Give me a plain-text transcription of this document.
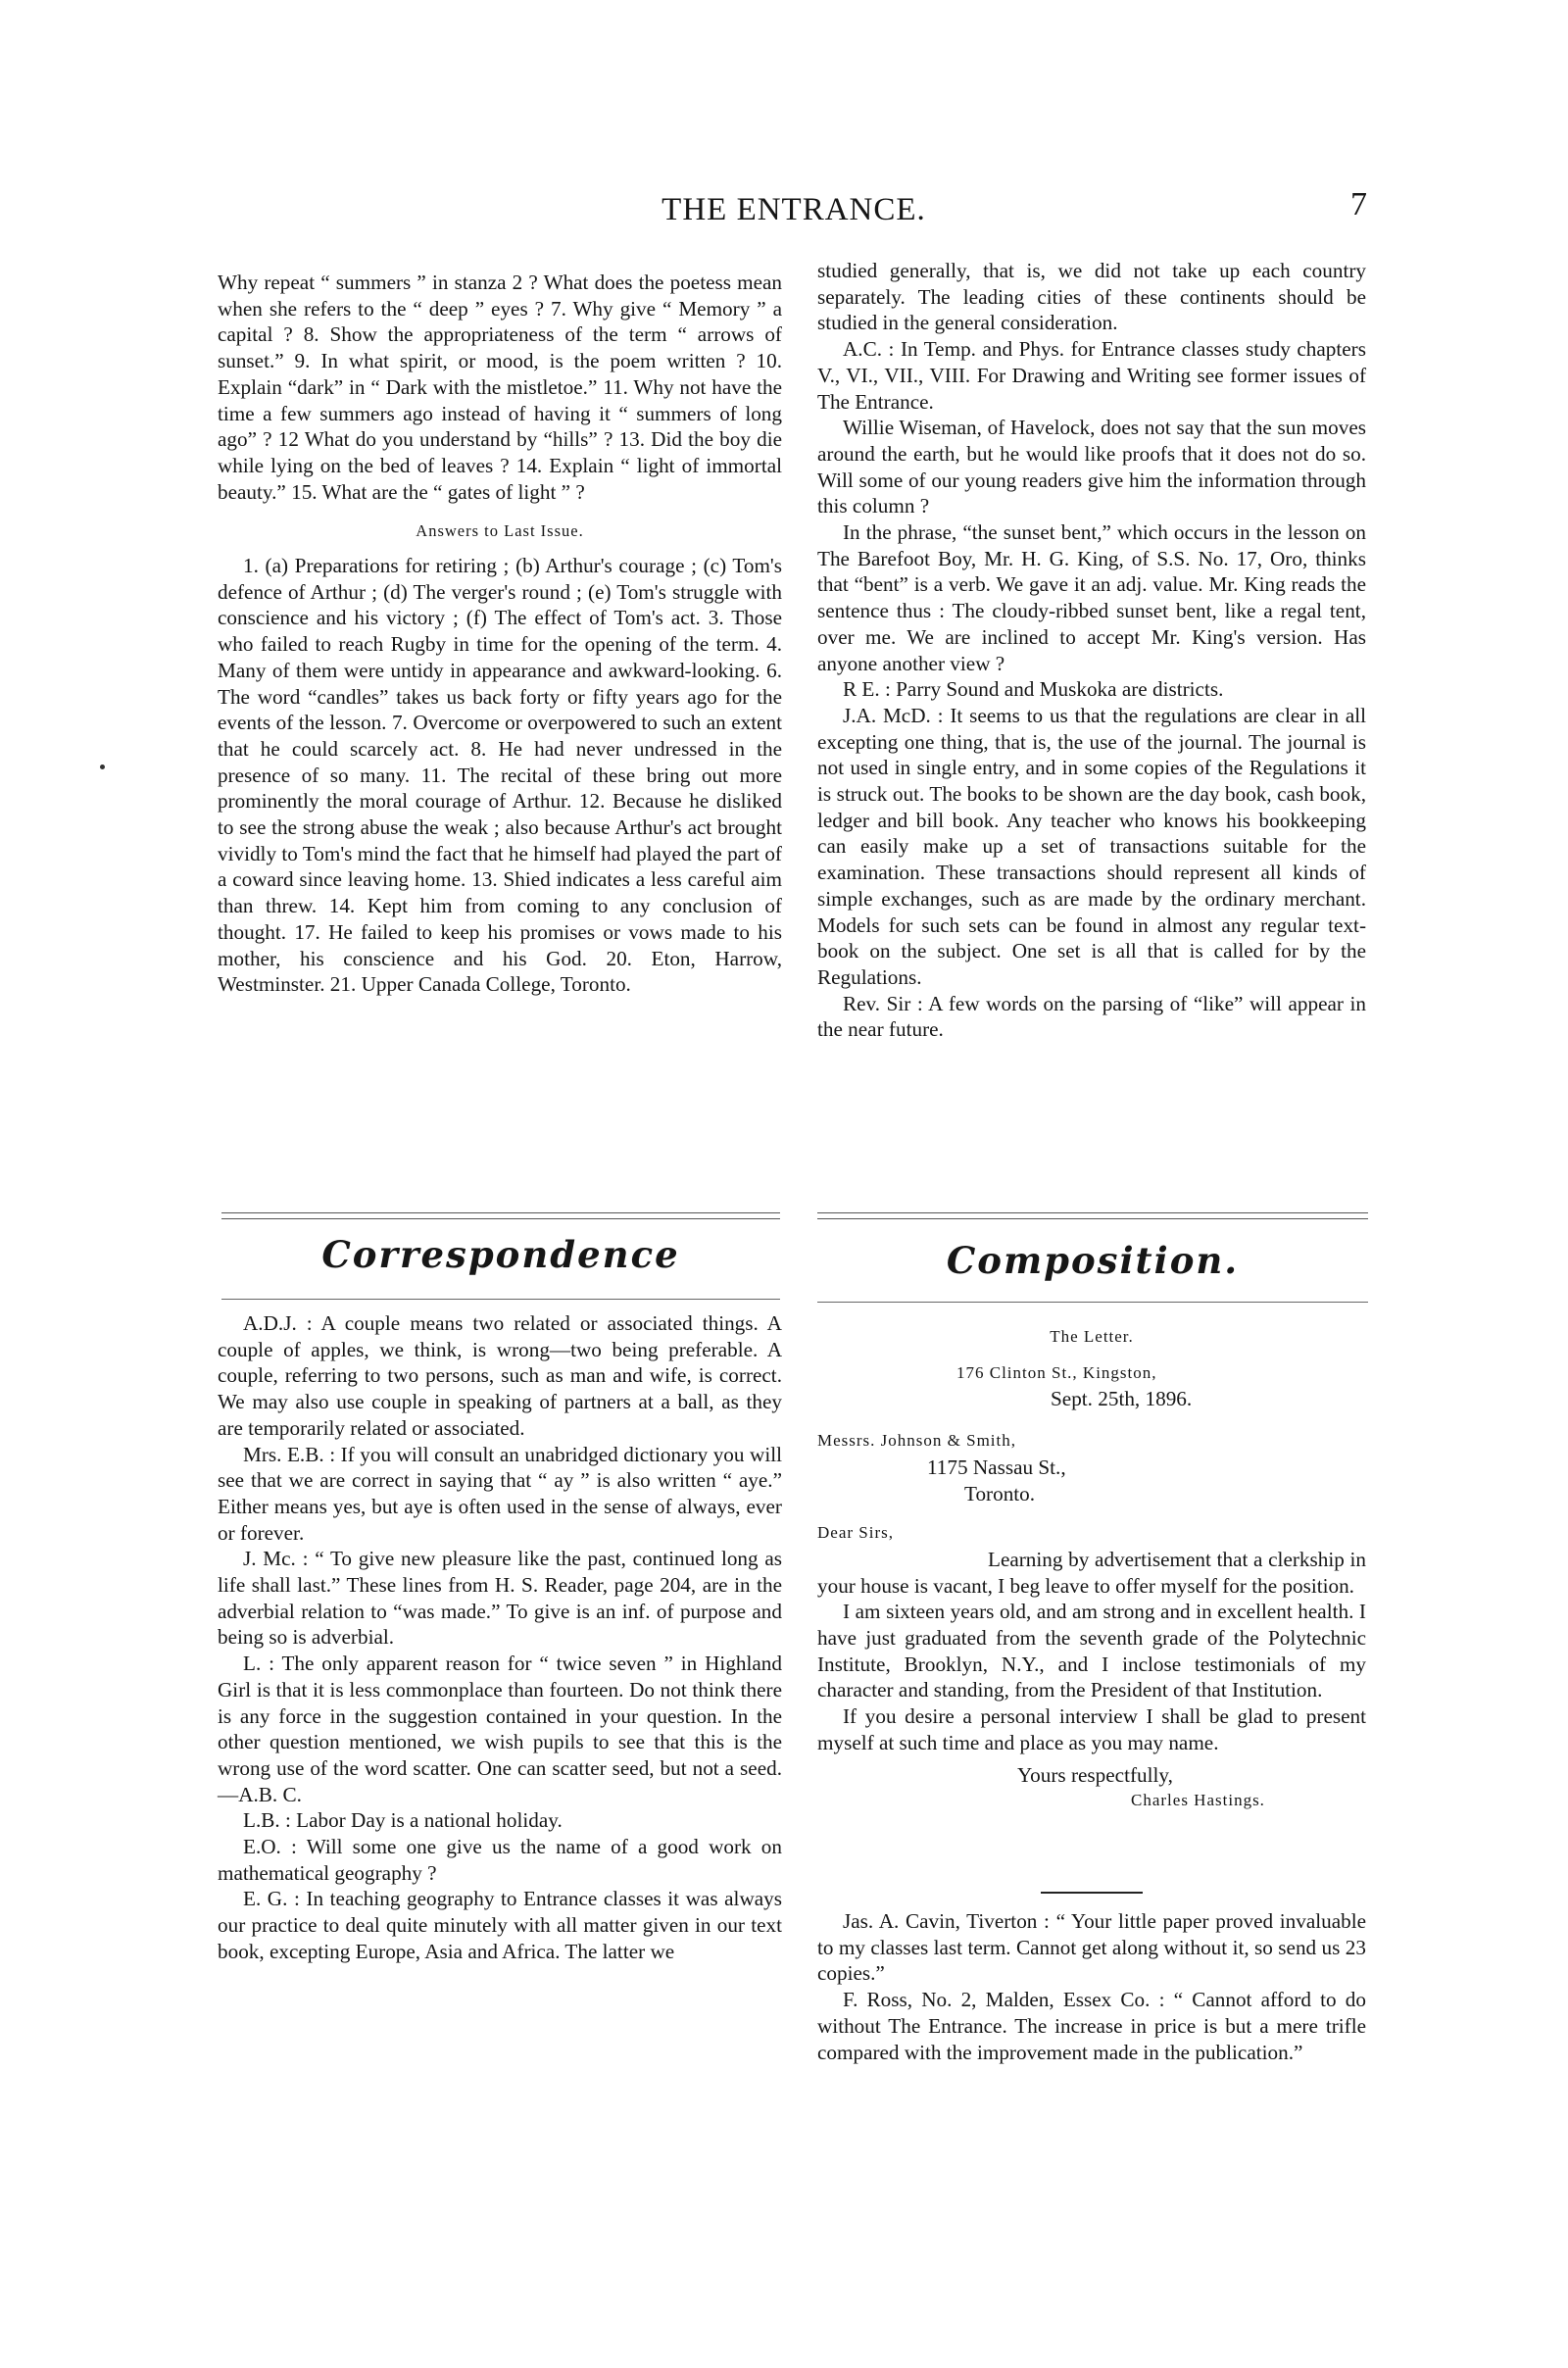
THE ENTRANCE.	7

Why repeat “ summers ” in stanza 2 ? What does the poetess mean when she refers to the “ deep ” eyes ? 7. Why give “ Memory ” a capital ? 8. Show the appropriateness of the term “ arrows of sunset.” 9. In what spirit, or mood, is the poem written ? 10. Explain “dark” in “ Dark with the mistletoe.” 11. Why not have the time a few summers ago instead of having it “ summers of long ago” ? 12 What do you understand by “hills” ? 13. Did the boy die while lying on the bed of leaves ? 14. Explain “ light of immortal beauty.” 15. What are the “ gates of light ” ?

Answers to Last Issue.

1. (a) Preparations for retiring ; (b) Arthur's courage ; (c) Tom's defence of Arthur ; (d) The verger's round ; (e) Tom's struggle with conscience and his victory ; (f) The effect of Tom's act. 3. Those who failed to reach Rugby in time for the opening of the term. 4. Many of them were untidy in appearance and awkward-looking. 6. The word “candles” takes us back forty or fifty years ago for the events of the lesson. 7. Overcome or overpowered to such an extent that he could scarcely act. 8. He had never undressed in the presence of so many. 11. The recital of these bring out more prominently the moral courage of Arthur. 12. Because he disliked to see the strong abuse the weak ; also because Arthur's act brought vividly to Tom's mind the fact that he himself had played the part of a coward since leaving home. 13. Shied indicates a less careful aim than threw. 14. Kept him from coming to any conclusion of thought. 17. He failed to keep his promises or vows made to his mother, his conscience and his God. 20. Eton, Harrow, Westminster. 21. Upper Canada College, Toronto.

studied generally, that is, we did not take up each country separately. The leading cities of these continents should be studied in the general consideration.

A.C. : In Temp. and Phys. for Entrance classes study chapters V., VI., VII., VIII. For Drawing and Writing see former issues of The Entrance.

Willie Wiseman, of Havelock, does not say that the sun moves around the earth, but he would like proofs that it does not do so. Will some of our young readers give him the information through this column ?

In the phrase, “the sunset bent,” which occurs in the lesson on The Barefoot Boy, Mr. H. G. King, of S.S. No. 17, Oro, thinks that “bent” is a verb. We gave it an adj. value. Mr. King reads the sentence thus : The cloudy-ribbed sunset bent, like a regal tent, over me. We are inclined to accept Mr. King's version. Has anyone another view ?

R E. : Parry Sound and Muskoka are districts.

J.A. McD. : It seems to us that the regulations are clear in all excepting one thing, that is, the use of the journal. The journal is not used in single entry, and in some copies of the Regulations it is struck out. The books to be shown are the day book, cash book, ledger and bill book. Any teacher who knows his bookkeeping can easily make up a set of transactions suitable for the examination. These transactions should represent all kinds of simple exchanges, such as are made by the ordinary merchant. Models for such sets can be found in almost any regular text-book on the subject. One set is all that is called for by the Regulations.

Rev. Sir : A few words on the parsing of “like” will appear in the near future.

Correspondence	Composition.

A.D.J. : A couple means two related or associated things. A couple of apples, we think, is wrong—two being preferable. A couple, referring to two persons, such as man and wife, is correct. We may also use couple in speaking of partners at a ball, as they are temporarily related or associated.

Mrs. E.B. : If you will consult an unabridged dictionary you will see that we are correct in saying that “ ay ” is also written “ aye.” Either means yes, but aye is often used in the sense of always, ever or forever.

J. Mc. : “ To give new pleasure like the past, continued long as life shall last.” These lines from H. S. Reader, page 204, are in the adverbial relation to “was made.” To give is an inf. of purpose and being so is adverbial.

L. : The only apparent reason for “ twice seven ” in Highland Girl is that it is less commonplace than fourteen. Do not think there is any force in the suggestion contained in your question. In the other question mentioned, we wish pupils to see that this is the wrong use of the word scatter. One can scatter seed, but not a seed.—A.B. C.

L.B. : Labor Day is a national holiday.

E.O. : Will some one give us the name of a good work on mathematical geography ?

E. G. : In teaching geography to Entrance classes it was always our practice to deal quite minutely with all matter given in our text book, excepting Europe, Asia and Africa. The latter we

The Letter.
176 Clinton St., Kingston,
Sept. 25th, 1896.
Messrs. Johnson & Smith,
1175 Nassau St.,
Toronto.
Dear Sirs,

Learning by advertisement that a clerkship in your house is vacant, I beg leave to offer myself for the position.

I am sixteen years old, and am strong and in excellent health. I have just graduated from the seventh grade of the Polytechnic Institute, Brooklyn, N.Y., and I inclose testimonials of my character and standing, from the President of that Institution.

If you desire a personal interview I shall be glad to present myself at such time and place as you may name.

Yours respectfully,
Charles Hastings.

Jas. A. Cavin, Tiverton : “ Your little paper proved invaluable to my classes last term. Cannot get along without it, so send us 23 copies.”

F. Ross, No. 2, Malden, Essex Co. : “ Cannot afford to do without The Entrance. The increase in price is but a mere trifle compared with the improvement made in the publication.”
